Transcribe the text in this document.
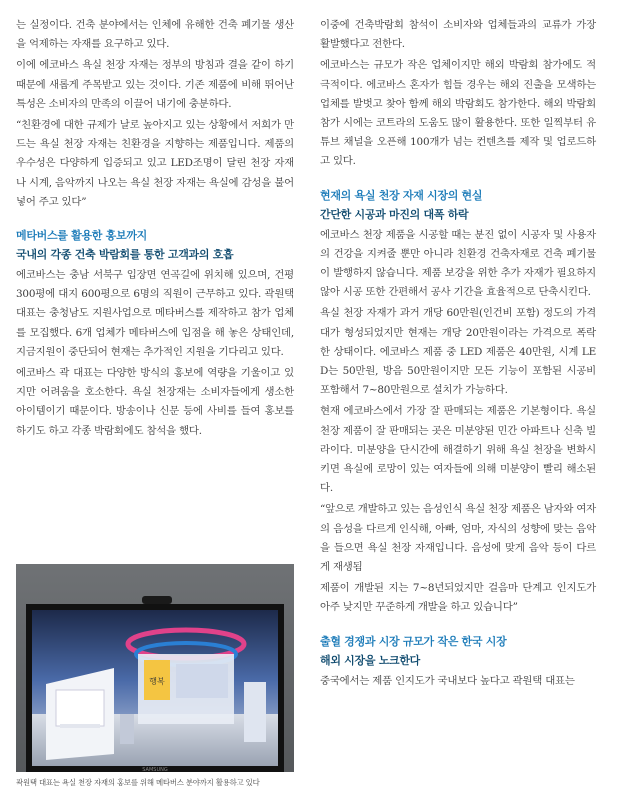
는 실정이다. 건축 분야에서는 인체에 유해한 건축 폐기물 생산을 억제하는 자재를 요구하고 있다.

이에 에코바스 욕실 천장 자재는 정부의 방침과 결을 같이 하기 때문에 새롭게 주목받고 있는 것이다. 기존 제품에 비해 뛰어난 특성은 소비자의 만족의 이끌어 내기에 충분하다.

“친환경에 대한 규제가 날로 높아지고 있는 상황에서 저희가 만드는 욕실 천장 자재는 친환경을 지향하는 제품입니다. 제품의 우수성은 다양하게 입증되고 있고 LED조명이 달린 천장 자재나 시계, 음악까지 나오는 욕실 천장 자재는 욕실에 감성을 불어 넣어 주고 있다”

메타버스를 활용한 홍보까지

국내의 각종 건축 박람회를 통한 고객과의 호흡

에코바스는 충남 서북구 입장면 연곡길에 위치해 있으며, 건평 300평에 대지 600평으로 6명의 직원이 근무하고 있다. 곽원택 대표는 충청남도 지원사업으로 메타버스를 제작하고 참가 업체를 모집했다. 6개 업체가 메타버스에 입점을 해 놓은 상태인데, 지금지원이 중단되어 현재는 추가적인 지원을 기다리고 있다.

에코바스 곽 대표는 다양한 방식의 홍보에 역량을 기울이고 있지만 어려움을 호소한다. 욕실 천장재는 소비자들에게 생소한 아이템이기 때문이다. 방송이나 신문 등에 사비를 들여 홍보를 하기도 하고 각종 박람회에도 참석을 했다.

행복
SAMSUNG
곽원택 대표는 욕실 천장 자재의 홍보를 위해 메타버스 분야까지 활용하고 있다

이중에 건축박람회 참석이 소비자와 업체들과의 교류가 가장 활발했다고 전한다.

에코바스는 규모가 작은 업체이지만 해외 박람회 참가에도 적극적이다. 에코바스 혼자가 힘들 경우는 해외 진출을 모색하는 업체를 발벗고 찾아 함께 해외 박람회도 참가한다. 해외 박람회 참가 시에는 코트라의 도움도 많이 활용한다. 또한 일찍부터 유튜브 채널을 오픈해 100개가 넘는 컨텐츠를 제작 및 업로드하고 있다.

현재의 욕실 천장 자재 시장의 현실

간단한 시공과 마진의 대폭 하락

에코바스 천장 제품을 시공할 때는 분진 없이 시공자 및 사용자의 건강을 지켜줄 뿐만 아니라 친환경 건축자재로 건축 폐기물이 발행하지 않습니다. 제품 보강을 위한 추가 자재가 필요하지 않아 시공 또한 간편해서 공사 기간을 효율적으로 단축시킨다.

욕실 천장 자재가 과거 개당 60만원(인건비 포함) 정도의 가격대가 형성되었지만 현재는 개당 20만원이라는 가격으로 폭락한 상태이다. 에코바스 제품 중 LED 제품은 40만원, 시계 LED는 50만원, 방음 50만원이지만 모든 기능이 포함된 시공비 포함해서 7~80만원으로 설치가 가능하다.

현재 에코바스에서 가장 잘 판매되는 제품은 기본형이다. 욕실 천장 제품이 잘 판매되는 곳은 미분양된 민간 아파트나 신축 빌라이다. 미분양을 단시간에 해결하기 위해 욕실 천장을 변화시키면 욕실에 로망이 있는 여자들에 의해 미분양이 빨리 해소된다.

“앞으로 개발하고 있는 음성인식 욕실 천장 제품은 남자와 여자의 음성을 다르게 인식해, 아빠, 엄마, 자식의 성향에 맞는 음악을 들으면 욕실 천장 자재입니다. 음성에 맞게 음악 등이 다르게 재생됨

제품이 개발된 지는 7~8년되었지만 걸음마 단계고 인지도가 아주 낮지만 꾸준하게 개발을 하고 있습니다”

출혈 경쟁과 시장 규모가 작은 한국 시장

해외 시장을 노크한다

중국에서는 제품 인지도가 국내보다 높다고 곽원택 대표는
